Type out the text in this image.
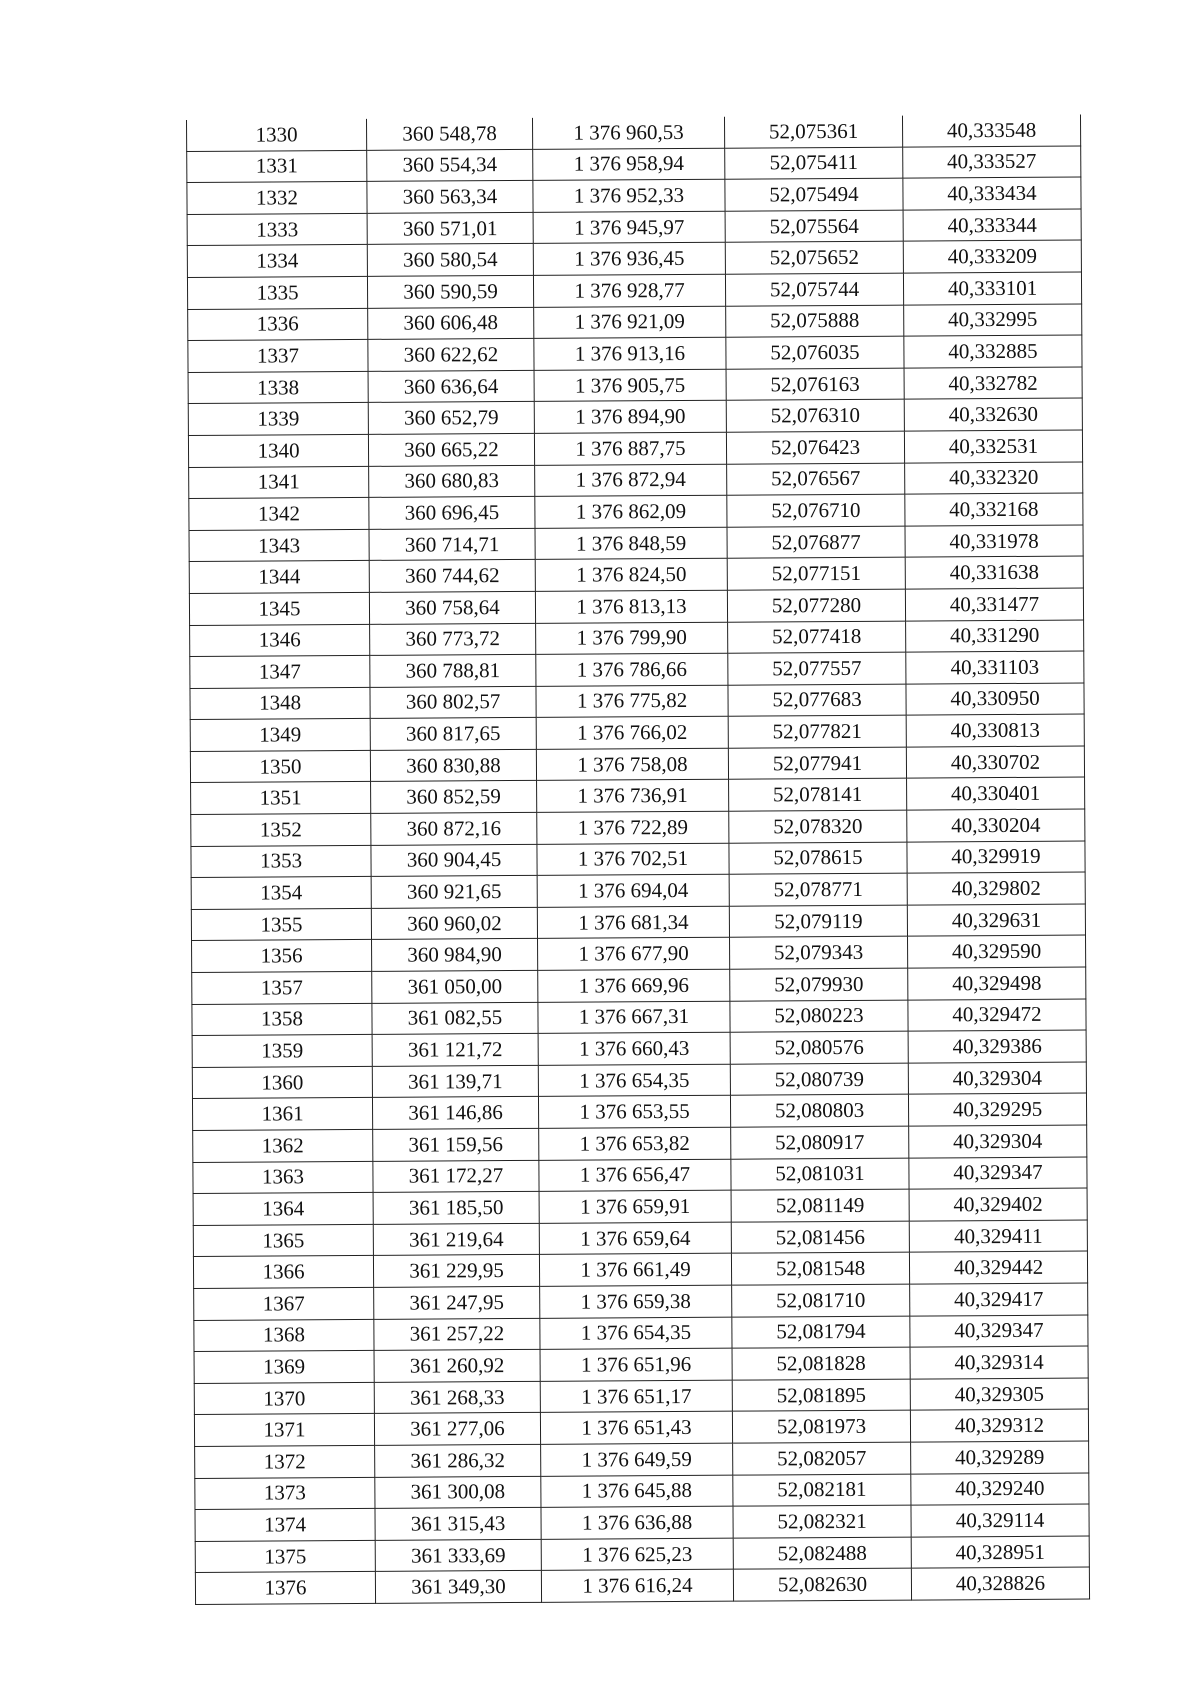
1330	360 548,78	1 376 960,53	52,075361	40,333548
1331	360 554,34	1 376 958,94	52,075411	40,333527
1332	360 563,34	1 376 952,33	52,075494	40,333434
1333	360 571,01	1 376 945,97	52,075564	40,333344
1334	360 580,54	1 376 936,45	52,075652	40,333209
1335	360 590,59	1 376 928,77	52,075744	40,333101
1336	360 606,48	1 376 921,09	52,075888	40,332995
1337	360 622,62	1 376 913,16	52,076035	40,332885
1338	360 636,64	1 376 905,75	52,076163	40,332782
1339	360 652,79	1 376 894,90	52,076310	40,332630
1340	360 665,22	1 376 887,75	52,076423	40,332531
1341	360 680,83	1 376 872,94	52,076567	40,332320
1342	360 696,45	1 376 862,09	52,076710	40,332168
1343	360 714,71	1 376 848,59	52,076877	40,331978
1344	360 744,62	1 376 824,50	52,077151	40,331638
1345	360 758,64	1 376 813,13	52,077280	40,331477
1346	360 773,72	1 376 799,90	52,077418	40,331290
1347	360 788,81	1 376 786,66	52,077557	40,331103
1348	360 802,57	1 376 775,82	52,077683	40,330950
1349	360 817,65	1 376 766,02	52,077821	40,330813
1350	360 830,88	1 376 758,08	52,077941	40,330702
1351	360 852,59	1 376 736,91	52,078141	40,330401
1352	360 872,16	1 376 722,89	52,078320	40,330204
1353	360 904,45	1 376 702,51	52,078615	40,329919
1354	360 921,65	1 376 694,04	52,078771	40,329802
1355	360 960,02	1 376 681,34	52,079119	40,329631
1356	360 984,90	1 376 677,90	52,079343	40,329590
1357	361 050,00	1 376 669,96	52,079930	40,329498
1358	361 082,55	1 376 667,31	52,080223	40,329472
1359	361 121,72	1 376 660,43	52,080576	40,329386
1360	361 139,71	1 376 654,35	52,080739	40,329304
1361	361 146,86	1 376 653,55	52,080803	40,329295
1362	361 159,56	1 376 653,82	52,080917	40,329304
1363	361 172,27	1 376 656,47	52,081031	40,329347
1364	361 185,50	1 376 659,91	52,081149	40,329402
1365	361 219,64	1 376 659,64	52,081456	40,329411
1366	361 229,95	1 376 661,49	52,081548	40,329442
1367	361 247,95	1 376 659,38	52,081710	40,329417
1368	361 257,22	1 376 654,35	52,081794	40,329347
1369	361 260,92	1 376 651,96	52,081828	40,329314
1370	361 268,33	1 376 651,17	52,081895	40,329305
1371	361 277,06	1 376 651,43	52,081973	40,329312
1372	361 286,32	1 376 649,59	52,082057	40,329289
1373	361 300,08	1 376 645,88	52,082181	40,329240
1374	361 315,43	1 376 636,88	52,082321	40,329114
1375	361 333,69	1 376 625,23	52,082488	40,328951
1376	361 349,30	1 376 616,24	52,082630	40,328826
